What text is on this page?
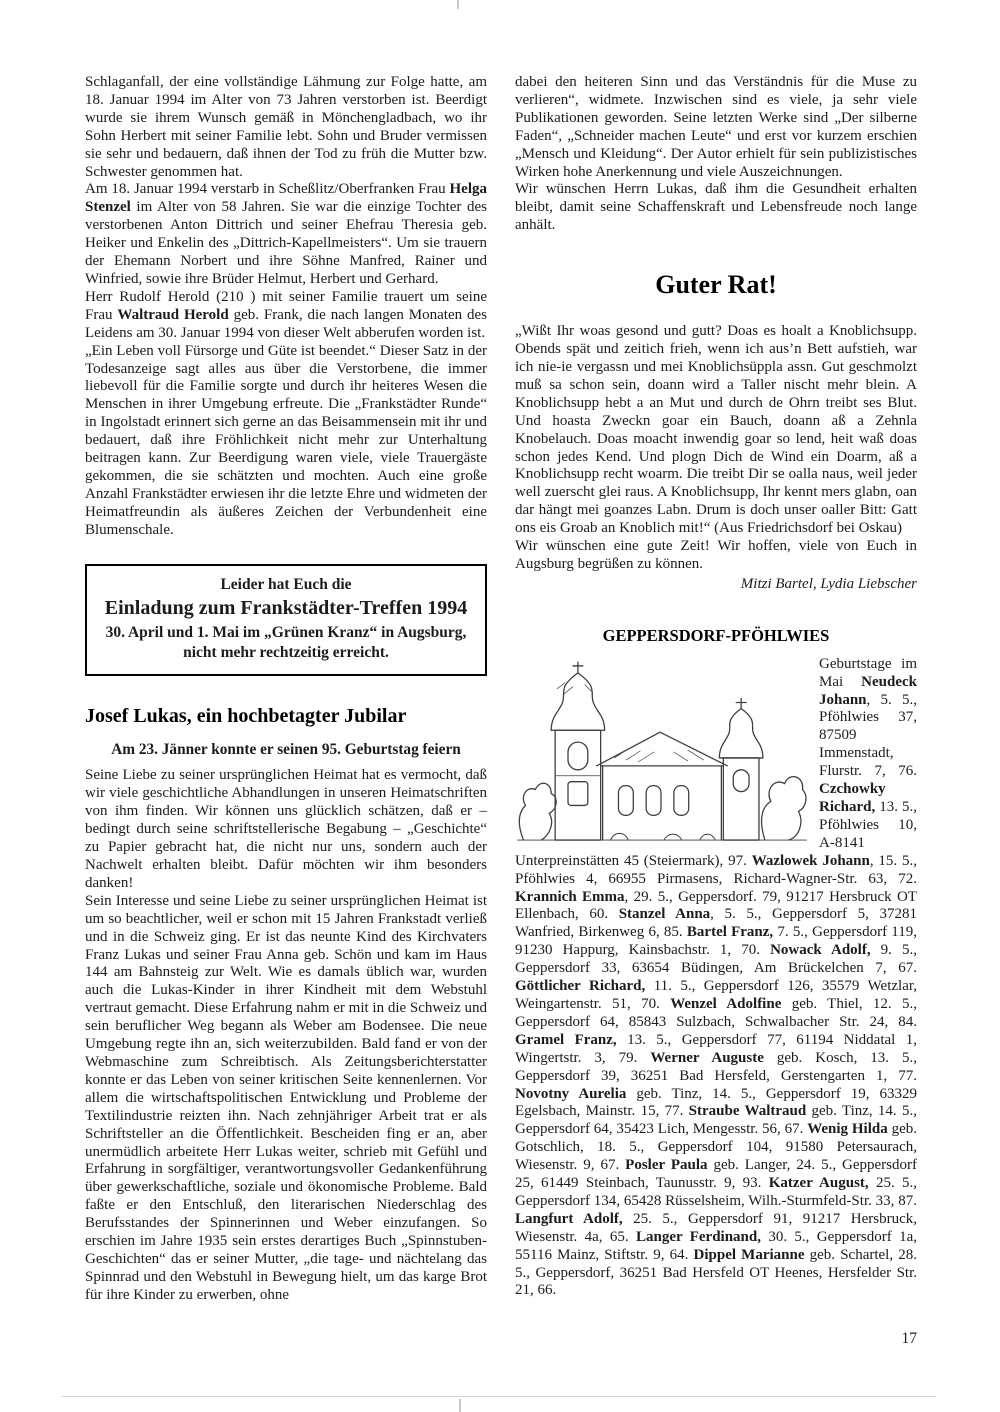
Schlaganfall, der eine vollständige Lähmung zur Folge hatte, am 18. Januar 1994 im Alter von 73 Jahren verstorben ist. Beerdigt wurde sie ihrem Wunsch gemäß in Mönchengladbach, wo ihr Sohn Herbert mit seiner Familie lebt. Sohn und Bruder vermissen sie sehr und bedauern, daß ihnen der Tod zu früh die Mutter bzw. Schwester genommen hat.

Am 18. Januar 1994 verstarb in Scheßlitz/Oberfranken Frau Helga Stenzel im Alter von 58 Jahren. Sie war die einzige Tochter des verstorbenen Anton Dittrich und seiner Ehefrau Theresia geb. Heiker und Enkelin des „Dittrich-Kapellmeisters“. Um sie trauern der Ehemann Norbert und ihre Söhne Manfred, Rainer und Winfried, sowie ihre Brüder Helmut, Herbert und Gerhard.

Herr Rudolf Herold (210 ) mit seiner Familie trauert um seine Frau Waltraud Herold geb. Frank, die nach langen Monaten des Leidens am 30. Januar 1994 von dieser Welt abberufen worden ist.

„Ein Leben voll Fürsorge und Güte ist beendet.“ Dieser Satz in der Todesanzeige sagt alles aus über die Verstorbene, die immer liebevoll für die Familie sorgte und durch ihr heiteres Wesen die Menschen in ihrer Umgebung erfreute. Die „Frankstädter Runde“ in Ingolstadt erinnert sich gerne an das Beisammensein mit ihr und bedauert, daß ihre Fröhlichkeit nicht mehr zur Unterhaltung beitragen kann. Zur Beerdigung waren viele, viele Trauergäste gekommen, die sie schätzten und mochten. Auch eine große Anzahl Frankstädter erwiesen ihr die letzte Ehre und widmeten der Heimatfreundin als äußeres Zeichen der Verbundenheit eine Blumenschale.

Leider hat Euch die
Einladung zum Frankstädter-Treffen 1994
30. April und 1. Mai im „Grünen Kranz“ in Augsburg,
nicht mehr rechtzeitig erreicht.
Josef Lukas, ein hochbetagter Jubilar
Am 23. Jänner konnte er seinen 95. Geburtstag feiern

Seine Liebe zu seiner ursprünglichen Heimat hat es vermocht, daß wir viele geschichtliche Abhandlungen in unseren Heimatschriften von ihm finden. Wir können uns glücklich schätzen, daß er – bedingt durch seine schriftstellerische Begabung – „Geschichte“ zu Papier gebracht hat, die nicht nur uns, sondern auch der Nachwelt erhalten bleibt. Dafür möchten wir ihm besonders danken!

Sein Interesse und seine Liebe zu seiner ursprünglichen Heimat ist um so beachtlicher, weil er schon mit 15 Jahren Frankstadt verließ und in die Schweiz ging. Er ist das neunte Kind des Kirchvaters Franz Lukas und seiner Frau Anna geb. Schön und kam im Haus 144 am Bahnsteig zur Welt. Wie es damals üblich war, wurden auch die Lukas-Kinder in ihrer Kindheit mit dem Webstuhl vertraut gemacht. Diese Erfahrung nahm er mit in die Schweiz und sein beruflicher Weg begann als Weber am Bodensee. Die neue Umgebung regte ihn an, sich weiterzubilden. Bald fand er von der Webmaschine zum Schreibtisch. Als Zeitungsberichterstatter konnte er das Leben von seiner kritischen Seite kennenlernen. Vor allem die wirtschaftspolitischen Entwicklung und Probleme der Textilindustrie reizten ihn. Nach zehnjähriger Arbeit trat er als Schriftsteller an die Öffentlichkeit. Bescheiden fing er an, aber unermüdlich arbeitete Herr Lukas weiter, schrieb mit Gefühl und Erfahrung in sorgfältiger, verantwortungsvoller Gedankenführung über gewerkschaftliche, soziale und ökonomische Probleme. Bald faßte er den Entschluß, den literarischen Niederschlag des Berufsstandes der Spinnerinnen und Weber einzufangen. So erschien im Jahre 1935 sein erstes derartiges Buch „Spinnstuben-Geschichten“ das er seiner Mutter, „die tage- und nächtelang das Spinnrad und den Webstuhl in Bewegung hielt, um das karge Brot für ihre Kinder zu erwerben, ohne

dabei den heiteren Sinn und das Verständnis für die Muse zu verlieren“, widmete. Inzwischen sind es viele, ja sehr viele Publikationen geworden. Seine letzten Werke sind „Der silberne Faden“, „Schneider machen Leute“ und erst vor kurzem erschien „Mensch und Kleidung“. Der Autor erhielt für sein publizistisches Wirken hohe Anerkennung und viele Auszeichnungen.

Wir wünschen Herrn Lukas, daß ihm die Gesundheit erhalten bleibt, damit seine Schaffenskraft und Lebensfreude noch lange anhält.

Guter Rat!

„Wißt Ihr woas gesond und gutt? Doas es hoalt a Knoblichsupp. Obends spät und zeitich frieh, wenn ich aus’n Bett aufstieh, war ich nie-ie vergassn und mei Knoblichsüppla assn. Gut geschmolzt muß sa schon sein, doann wird a Taller nischt mehr blein. A Knoblichsupp hebt a an Mut und durch de Ohrn treibt ses Blut. Und hoasta Zweckn goar ein Bauch, doann aß a Zehnla Knobelauch. Doas moacht inwendig goar so lend, heit waß doas schon jedes Kend. Und plogn Dich de Wind ein Doarm, aß a Knoblichsupp recht woarm. Die treibt Dir se oalla naus, weil jeder well zuerscht glei raus. A Knoblichsupp, Ihr kennt mers glabn, oan dar hängt mei goanzes Labn. Drum is doch unser oaller Bitt: Gatt ons eis Groab an Knoblich mit!“ (Aus Friedrichsdorf bei Oskau)

Wir wünschen eine gute Zeit! Wir hoffen, viele von Euch in Augsburg begrüßen zu können.

Mitzi Bartel, Lydia Liebscher
GEPPERSDORF-PFÖHLWIES
Geburtstage im Mai Neudeck Johann, 5. 5., Pföhlwies 37, 87509 Immenstadt, Flurstr. 7, 76. Czchowky Richard, 13. 5., Pföhlwies 10, A-8141 Unterpreinstätten 45 (Steiermark), 97. Wazlowek Johann, 15. 5., Pföhlwies 4, 66955 Pirmasens, Richard-Wagner-Str. 63, 72. Krannich Emma, 29. 5., Geppersdorf. 79, 91217 Hersbruck OT Ellenbach, 60. Stanzel Anna, 5. 5., Geppersdorf 5, 37281 Wanfried, Birkenweg 6, 85. Bartel Franz, 7. 5., Geppersdorf 119, 91230 Happurg, Kainsbachstr. 1, 70. Nowack Adolf, 9. 5., Geppersdorf 33, 63654 Büdingen, Am Brückelchen 7, 67. Göttlicher Richard, 11. 5., Geppersdorf 126, 35579 Wetzlar, Weingartenstr. 51, 70. Wenzel Adolfine geb. Thiel, 12. 5., Geppersdorf 64, 85843 Sulzbach, Schwalbacher Str. 24, 84. Gramel Franz, 13. 5., Geppersdorf 77, 61194 Niddatal 1, Wingertstr. 3, 79. Werner Auguste geb. Kosch, 13. 5., Geppersdorf 39, 36251 Bad Hersfeld, Gerstengarten 1, 77. Novotny Aurelia geb. Tinz, 14. 5., Geppersdorf 19, 63329 Egelsbach, Mainstr. 15, 77. Straube Waltraud geb. Tinz, 14. 5., Geppersdorf 64, 35423 Lich, Mengesstr. 56, 67. Wenig Hilda geb. Gotschlich, 18. 5., Geppersdorf 104, 91580 Petersaurach, Wiesenstr. 9, 67. Posler Paula geb. Langer, 24. 5., Geppersdorf 25, 61449 Steinbach, Taunusstr. 9, 93. Katzer August, 25. 5., Geppersdorf 134, 65428 Rüsselsheim, Wilh.-Sturmfeld-Str. 33, 87. Langfurt Adolf, 25. 5., Geppersdorf 91, 91217 Hersbruck, Wiesenstr. 4a, 65. Langer Ferdinand, 30. 5., Geppersdorf 1a, 55116 Mainz, Stiftstr. 9, 64. Dippel Marianne geb. Schartel, 28. 5., Geppersdorf, 36251 Bad Hersfeld OT Heenes, Hersfelder Str. 21, 66.
17
